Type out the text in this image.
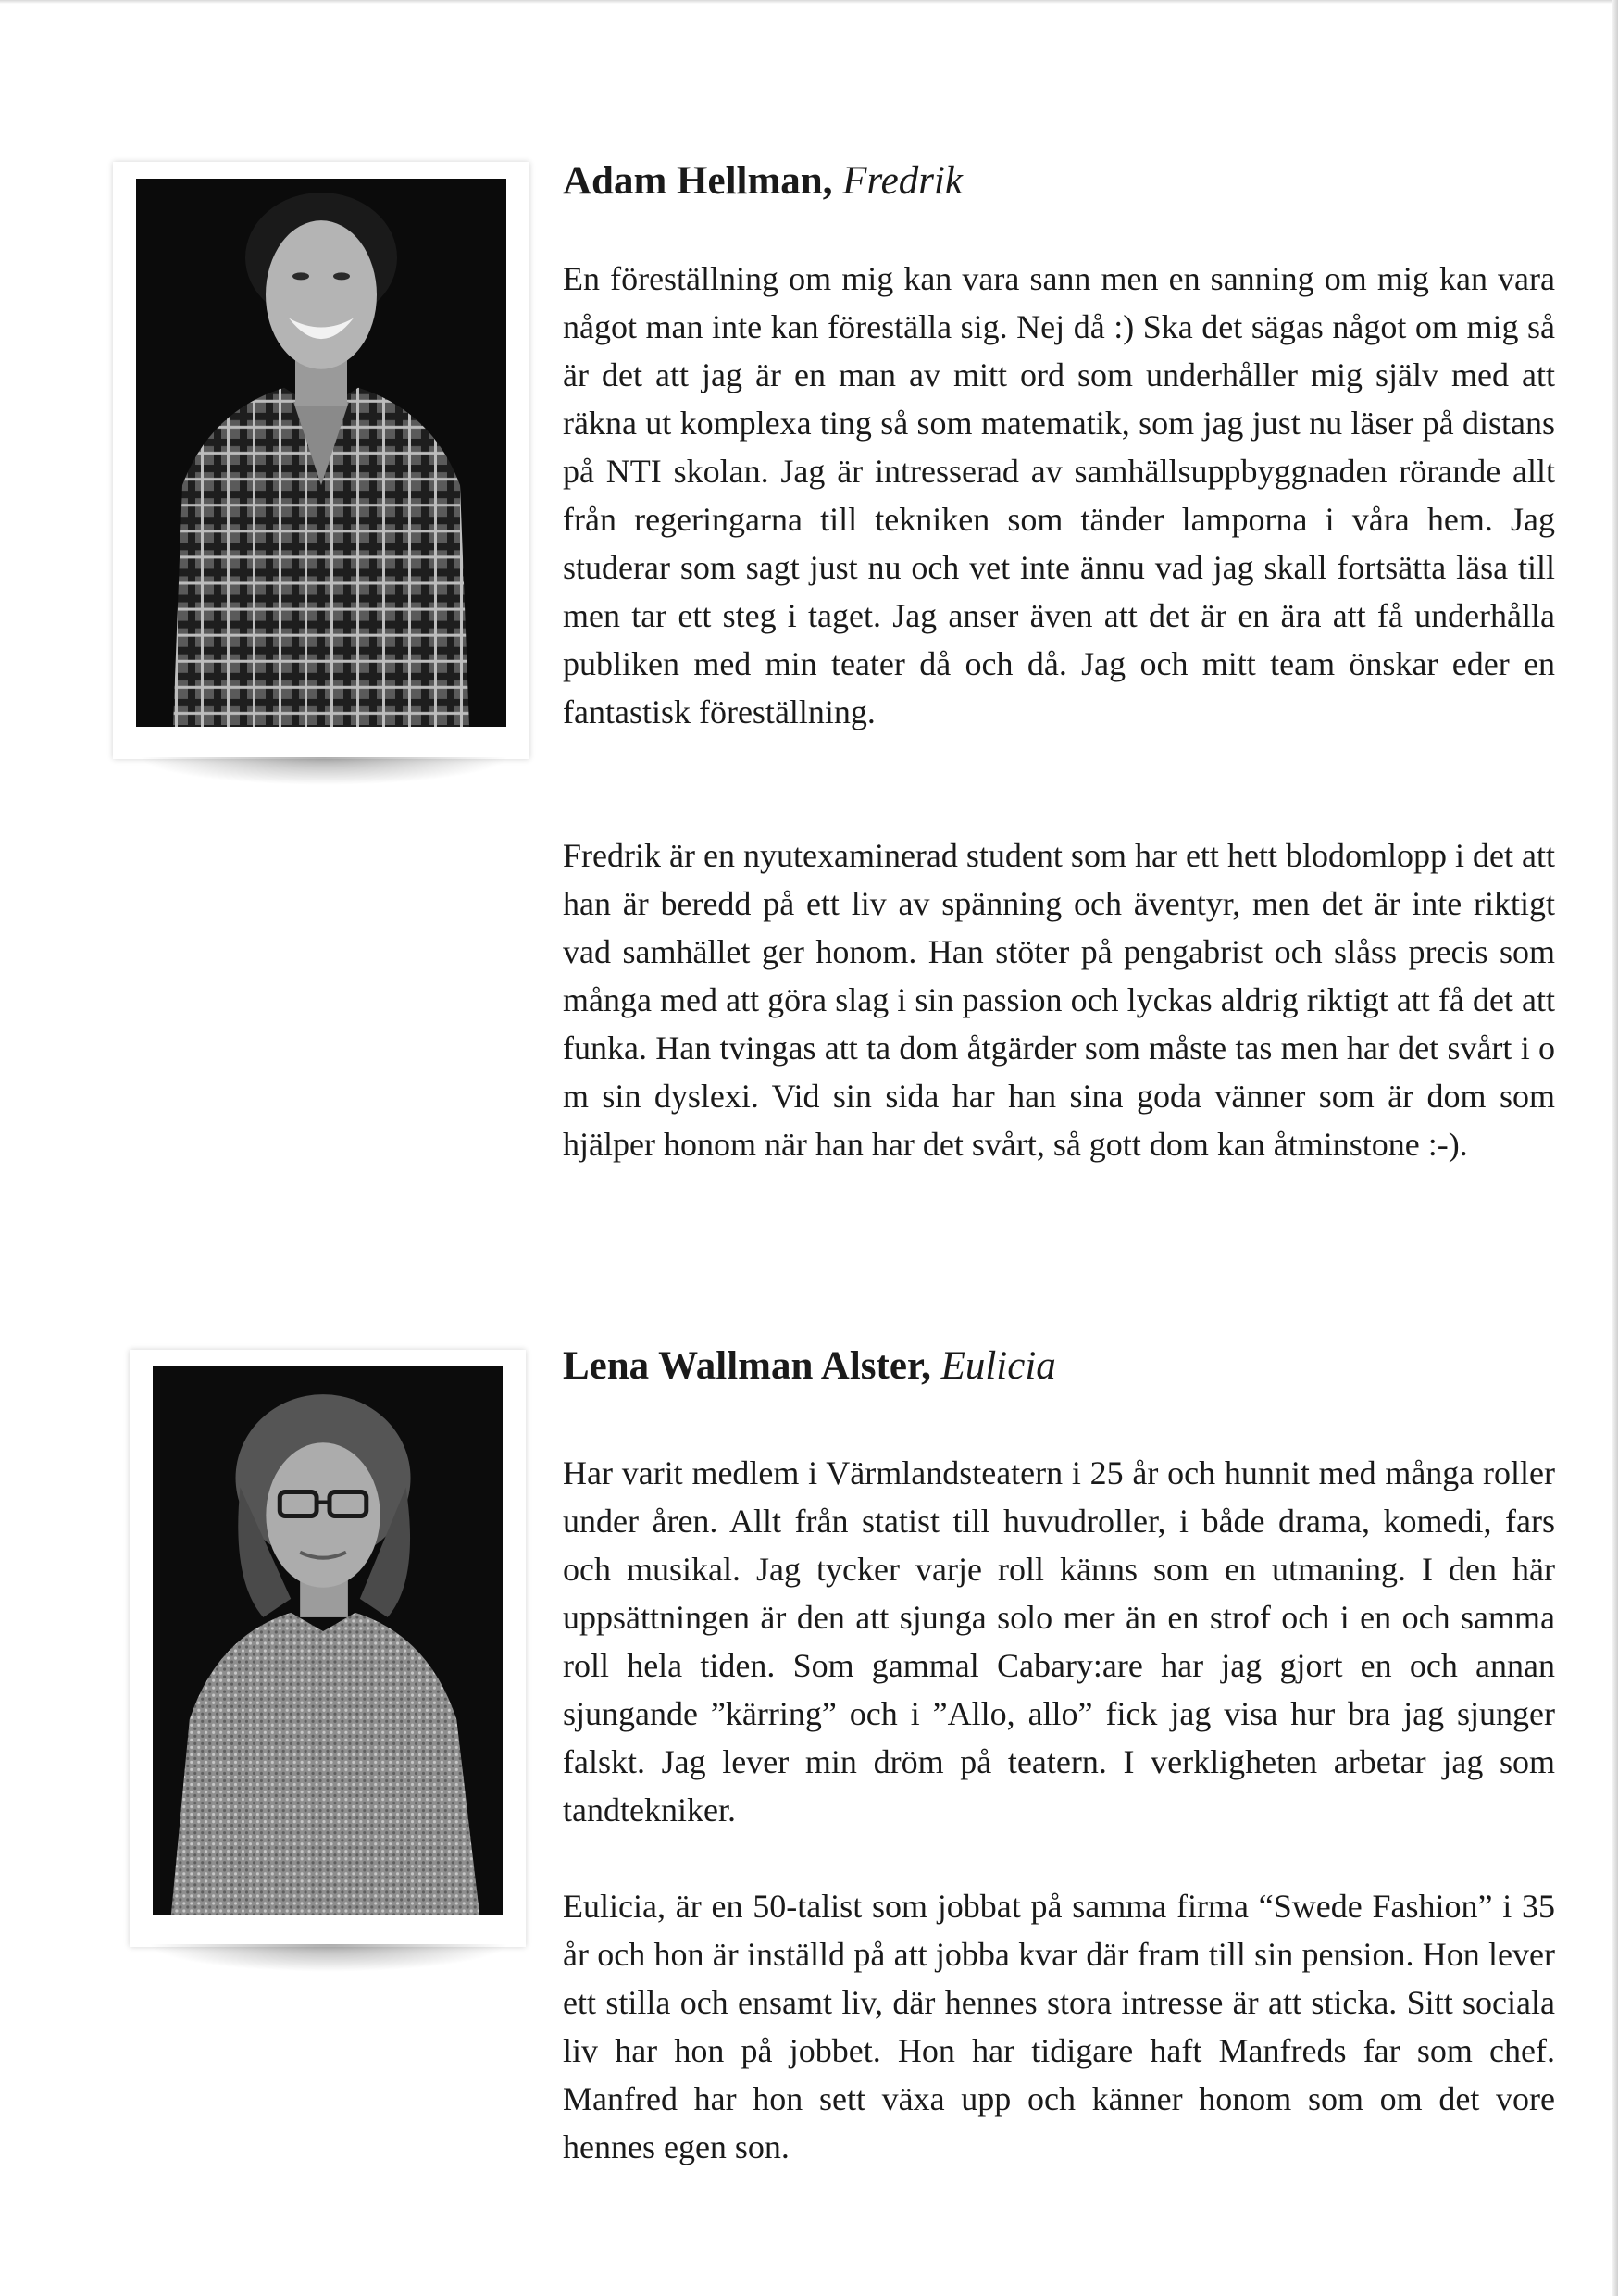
Adam Hellman, Fredrik

En föreställning om mig kan vara sann men en sanning om mig kan vara något man inte kan föreställa sig. Nej då :) Ska det sägas något om mig så är det att jag är en man av mitt ord som underhåller mig själv med att räkna ut komplexa ting så som matematik, som jag just nu läser på distans på NTI skolan. Jag är intresserad av samhällsuppbyggnaden rörande allt från regeringarna till tekniken som tänder lamporna i våra hem. Jag studerar som sagt just nu och vet inte ännu vad jag skall fortsätta läsa till men tar ett steg i taget. Jag anser även att det är en ära att få underhålla publiken med min teater då och då. Jag och mitt team önskar eder en fantastisk föreställning.

Fredrik är en nyutexaminerad student som har ett hett blodomlopp i det att han är beredd på ett liv av spänning och äventyr, men det är inte riktigt vad samhället ger honom. Han stöter på pengabrist och slåss precis som många med att göra slag i sin passion och lyckas aldrig riktigt att få det att funka. Han tvingas att ta dom åtgärder som måste tas men har det svårt i o m sin dyslexi. Vid sin sida har han sina goda vänner som är dom som hjälper honom när han har det svårt, så gott dom kan åtminstone :-).

Lena Wallman Alster, Eulicia

Har varit medlem i Värmlandsteatern i 25 år och hunnit med många roller under åren. Allt från statist till huvudroller, i både drama, komedi, fars och musikal. Jag tycker varje roll känns som en utmaning. I den här uppsättningen är den att sjunga solo mer än en strof och i en och samma roll hela tiden. Som gammal Cabary:are har jag gjort en och annan sjungande ”kärring” och i ”Allo, allo” fick jag visa hur bra jag sjunger falskt. Jag lever min dröm på teatern. I verkligheten arbetar jag som tandtekniker.

Eulicia, är en 50-talist som jobbat på samma firma “Swede Fashion” i 35 år och hon är inställd på att jobba kvar där fram till sin pension. Hon lever ett stilla och ensamt liv, där hennes stora intresse är att sticka. Sitt sociala liv har hon på jobbet. Hon har tidigare haft Manfreds far som chef. Manfred har hon sett växa upp och känner honom som om det vore hennes egen son.
